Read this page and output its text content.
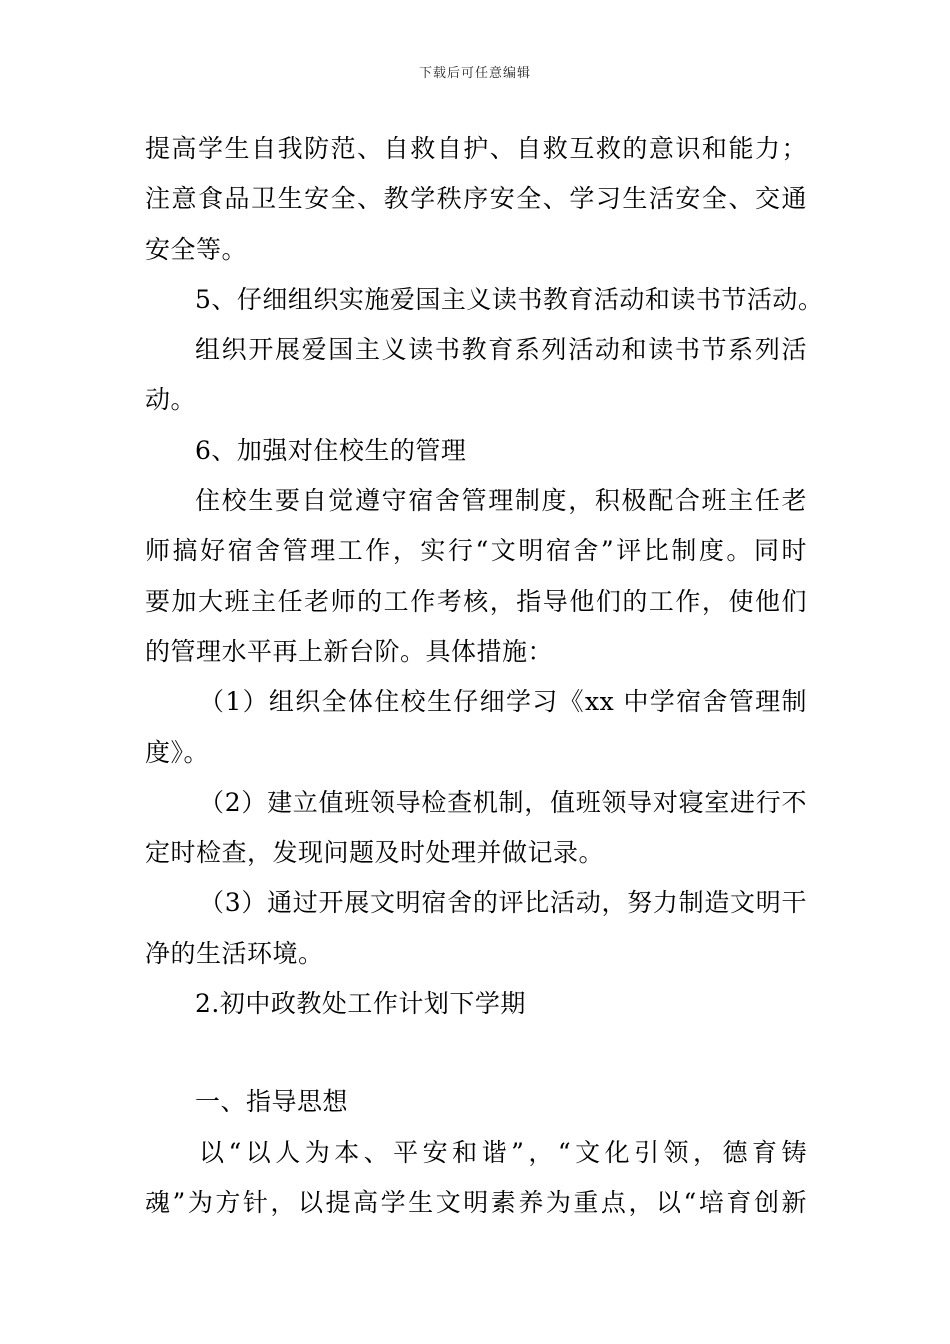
下载后可任意编辑
提高学生自我防范、自救自护、自救互救的意识和能力；
注意食品卫生安全、教学秩序安全、学习生活安全、交通
安全等。
5、仔细组织实施爱国主义读书教育活动和读书节活动。
组织开展爱国主义读书教育系列活动和读书节系列活
动。
6、加强对住校生的管理
住校生要自觉遵守宿舍管理制度，积极配合班主任老
师搞好宿舍管理工作，实行“文明宿舍”评比制度。同时
要加大班主任老师的工作考核，指导他们的工作，使他们
的管理水平再上新台阶。具体措施：
（1）组织全体住校生仔细学习《xx 中学宿舍管理制
度》。
（2）建立值班领导检查机制，值班领导对寝室进行不
定时检查，发现问题及时处理并做记录。
（3）通过开展文明宿舍的评比活动，努力制造文明干
净的生活环境。
2.初中政教处工作计划下学期
一、指导思想
以“以人为本、平安和谐”，“文化引领，德育铸
魂”为方针，以提高学生文明素养为重点，以“培育创新
